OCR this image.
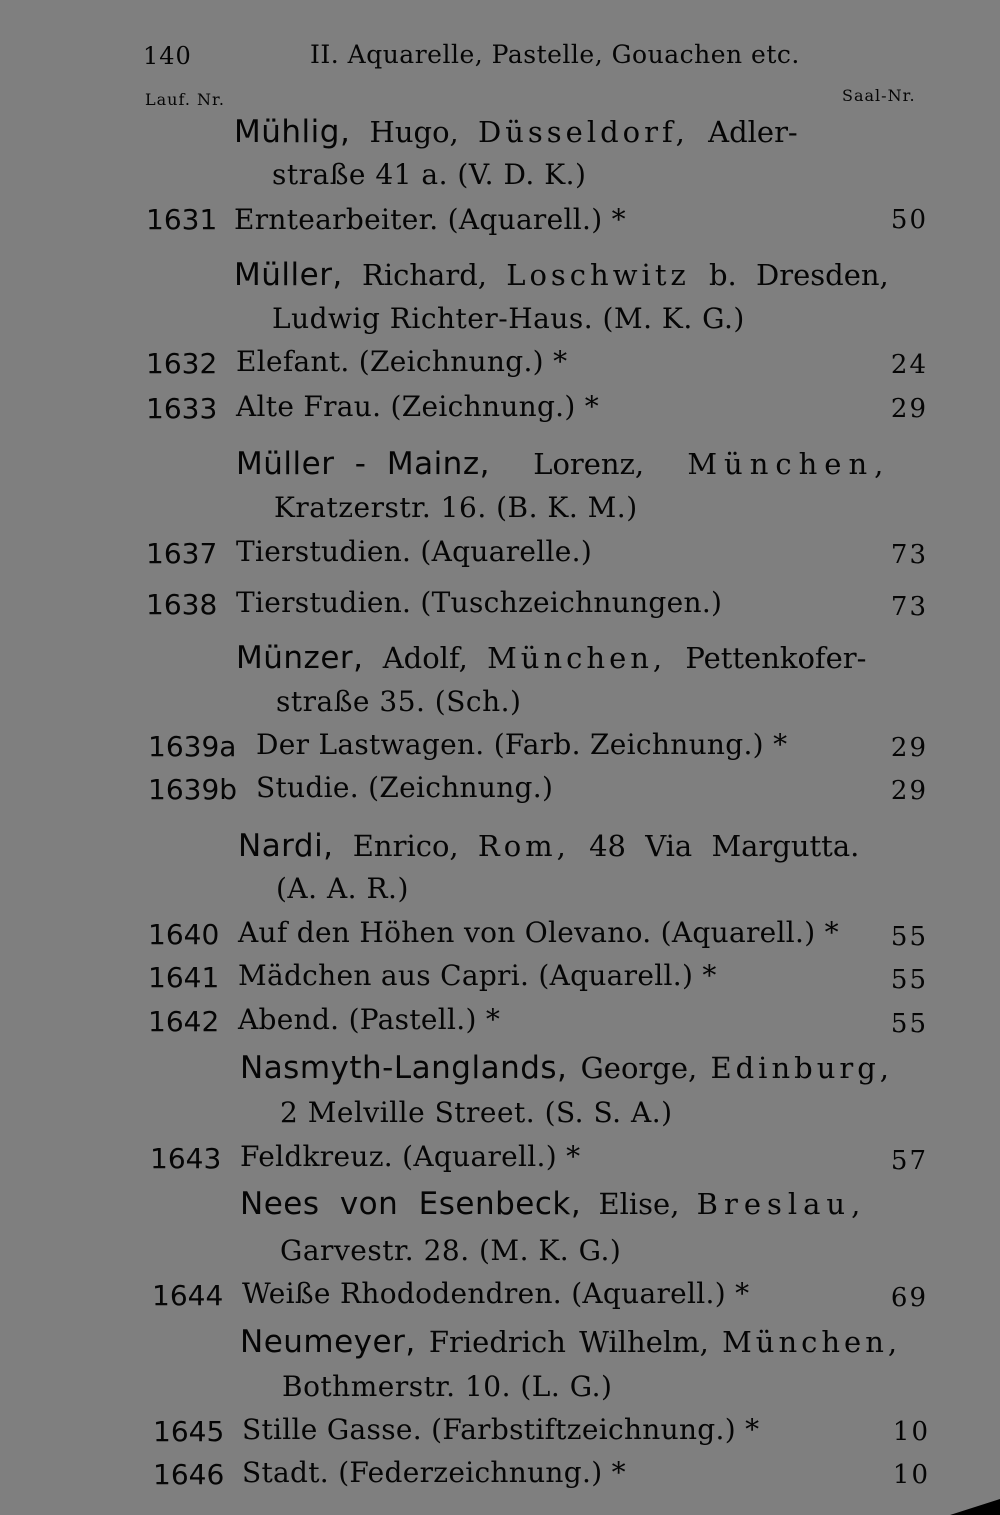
140	II. Aquarelle, Pastelle, Gouachen etc.
Lauf. Nr.	Saal-Nr.
Mühlig, Hugo, Düsseldorf, Adler-
straße 41 a. (V. D. K.)
1631 Erntearbeiter. (Aquarell.) *	50
Müller, Richard, Loschwitz b. Dresden,
Ludwig Richter-Haus. (M. K. G.)
1632 Elefant. (Zeichnung.) *	24
1633 Alte Frau. (Zeichnung.) *	29
Müller - Mainz, Lorenz, München,
Kratzerstr. 16. (B. K. M.)
1637 Tierstudien. (Aquarelle.)	73
1638 Tierstudien. (Tuschzeichnungen.)	73
Münzer, Adolf, München, Pettenkofer-
straße 35. (Sch.)
1639a Der Lastwagen. (Farb. Zeichnung.) *	29
1639b Studie. (Zeichnung.)	29
Nardi, Enrico, Rom, 48 Via Margutta.
(A. A. R.)
1640 Auf den Höhen von Olevano. (Aquarell.) *	55
1641 Mädchen aus Capri. (Aquarell.) *	55
1642 Abend. (Pastell.) *	55
Nasmyth-Langlands, George, Edinburg,
2 Melville Street. (S. S. A.)
1643 Feldkreuz. (Aquarell.) *	57
Nees von Esenbeck, Elise, Breslau,
Garvestr. 28. (M. K. G.)
1644 Weiße Rhododendren. (Aquarell.) *	69
Neumeyer, Friedrich Wilhelm, München,
Bothmerstr. 10. (L. G.)
1645 Stille Gasse. (Farbstiftzeichnung.) *	10
1646 Stadt. (Federzeichnung.) *	10
